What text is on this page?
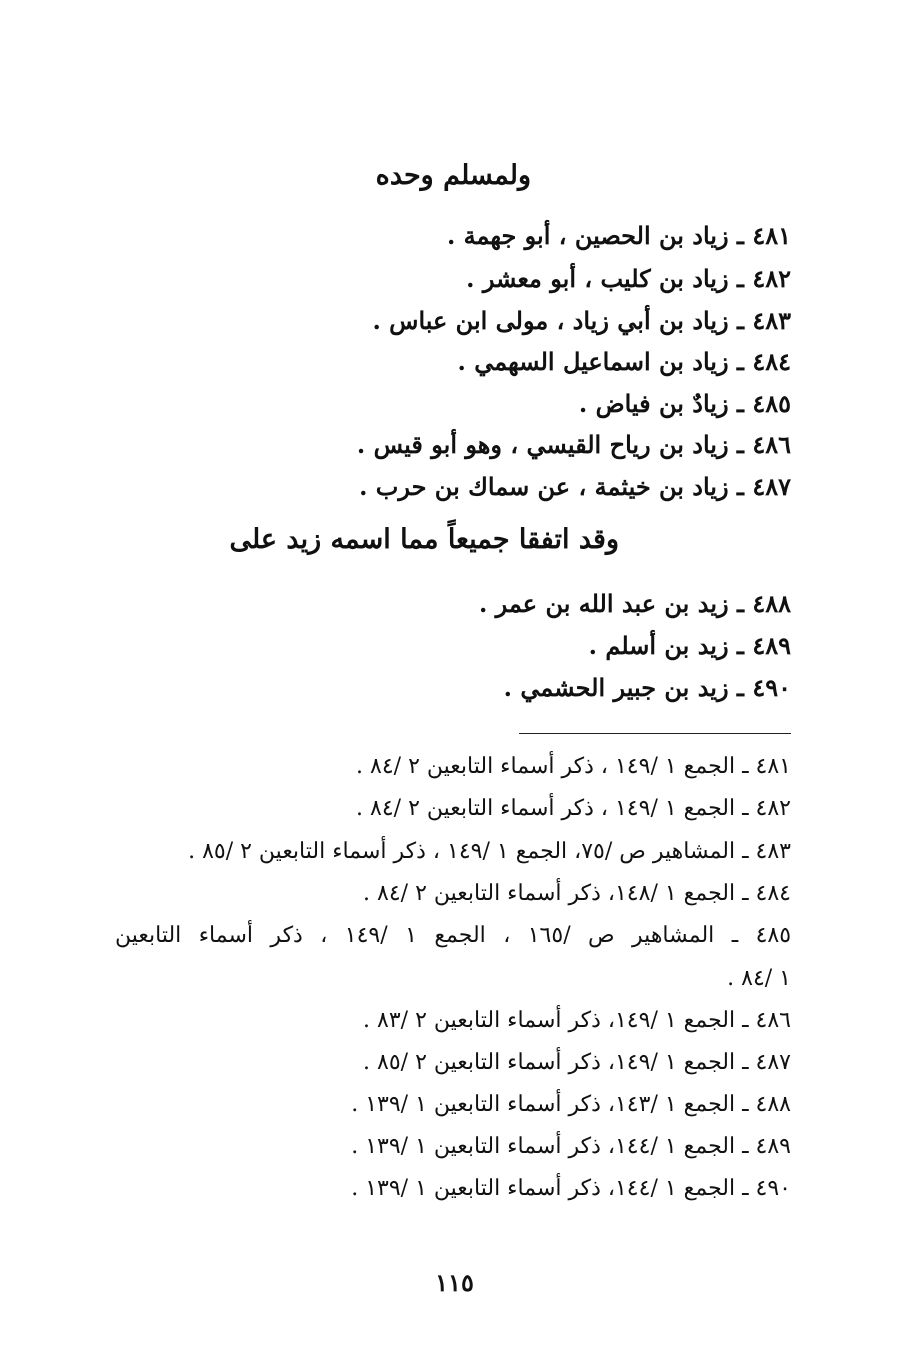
ولمسلم وحده
٤٨١ ـ زياد بن الحصين ، أبو جهمة .
٤٨٢ ـ زياد بن كليب ، أبو معشر .
٤٨٣ ـ زياد بن أبي زياد ، مولى ابن عباس .
٤٨٤ ـ زياد بن اسماعيل السهمي .
٤٨٥ ـ زيادٌ بن فياض .
٤٨٦ ـ زياد بن رياح القيسي ، وهو أبو قيس .
٤٨٧ ـ زياد بن خيثمة ، عن سماك بن حرب .
وقد اتفقا جميعاً مما اسمه زيد على
٤٨٨ ـ زيد بن عبد الله بن عمر .
٤٨٩ ـ زيد بن أسلم .
٤٩٠ ـ زيد بن جبير الحشمي .
٤٨١ ـ الجمع ١ /١٤٩ ، ذكر أسماء التابعين ٢ /٨٤ .
٤٨٢ ـ الجمع ١ /١٤٩ ، ذكر أسماء التابعين ٢ /٨٤ .
٤٨٣ ـ المشاهير ص /٧٥، الجمع ١ /١٤٩ ، ذكر أسماء التابعين ٢ /٨٥ .
٤٨٤ ـ الجمع ١ /١٤٨، ذكر أسماء التابعين ٢ /٨٤ .
٤٨٥ ـ المشاهير ص /١٦٥ ، الجمع ١ /١٤٩ ، ذكر أسماء التابعين
١ /٨٤ .
٤٨٦ ـ الجمع ١ /١٤٩، ذكر أسماء التابعين ٢ /٨٣ .
٤٨٧ ـ الجمع ١ /١٤٩، ذكر أسماء التابعين ٢ /٨٥ .
٤٨٨ ـ الجمع ١ /١٤٣، ذكر أسماء التابعين ١ /١٣٩ .
٤٨٩ ـ الجمع ١ /١٤٤، ذكر أسماء التابعين ١ /١٣٩ .
٤٩٠ ـ الجمع ١ /١٤٤، ذكر أسماء التابعين ١ /١٣٩ .
١١٥
